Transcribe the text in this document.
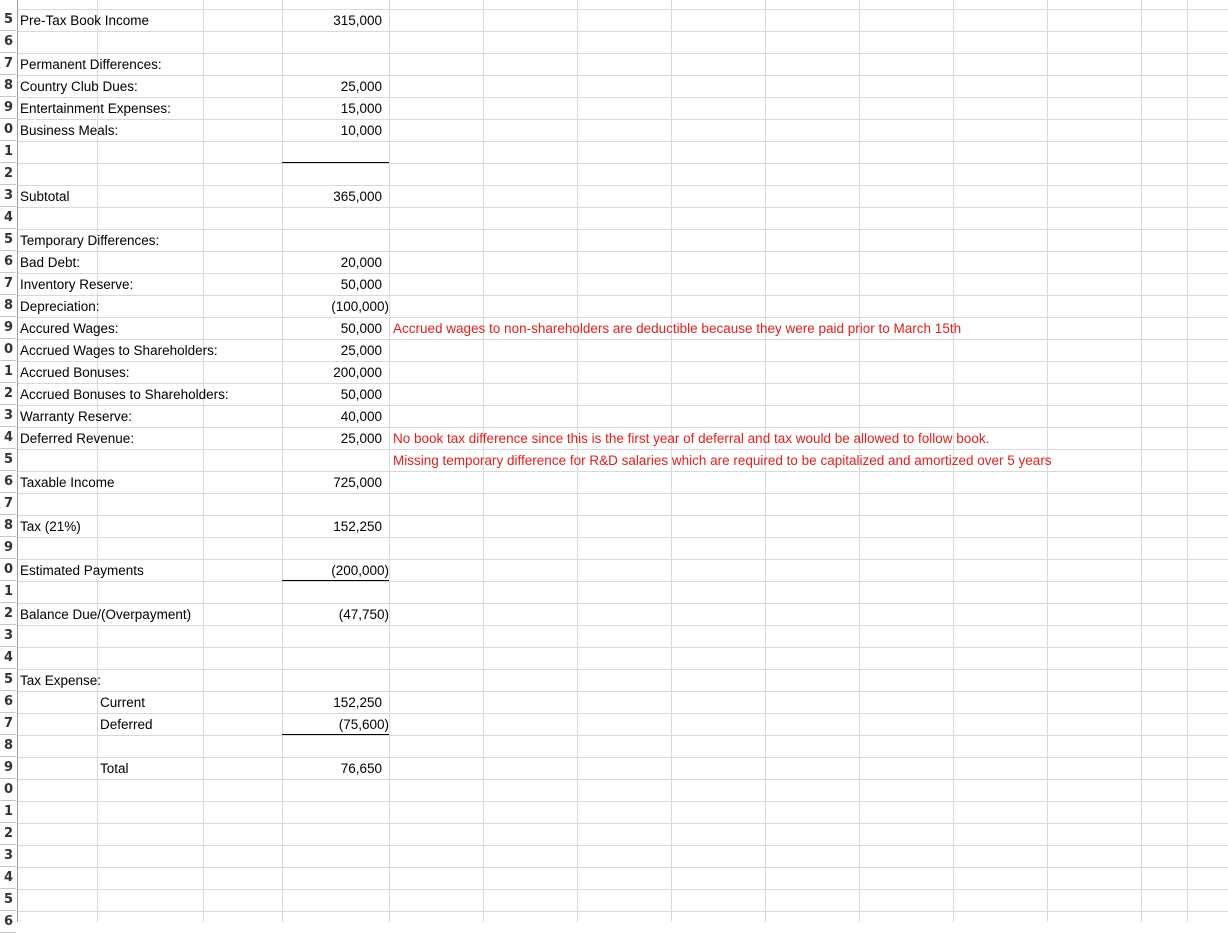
5
6
7
8
9
0
1
2
3
4
5
6
7
8
9
0
1
2
3
4
5
6
7
8
9
0
1
2
3
4
5
6
7
8
9
0
1
2
3
4
5
6
Pre-Tax Book Income	315,000
Permanent Differences:
Country Club Dues:	25,000
Entertainment Expenses:	15,000
Business Meals:	10,000
Subtotal	365,000
Temporary Differences:
Bad Debt:	20,000
Inventory Reserve:	50,000
Depreciation:	(100,000)
Accured Wages:	50,000 Accrued wages to non-shareholders are deductible because they were paid prior to March 15th
Accrued Wages to Shareholders:	25,000
Accrued Bonuses:	200,000
Accrued Bonuses to Shareholders:	50,000
Warranty Reserve:	40,000
Deferred Revenue:	25,000 No book tax difference since this is the first year of deferral and tax would be allowed to follow book.
Missing temporary difference for R&D salaries which are required to be capitalized and amortized over 5 years
Taxable Income	725,000
Tax (21%)	152,250
Estimated Payments	(200,000)
Balance Due/(Overpayment)	(47,750)
Tax Expense:
Current	152,250
Deferred	(75,600)
Total	76,650
